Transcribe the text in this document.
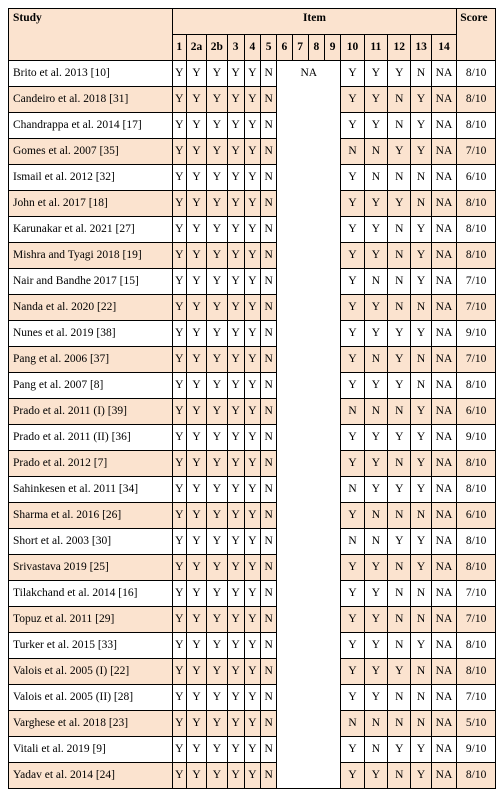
Study	Item															Score
	1	2a	2b	3	4	5	6	7	8	9	10	11	12	13	14	
Brito et al. 2013 [10]	Y	Y	Y	Y	Y	N	NA				Y	Y	Y	N	NA	8/10
Candeiro et al. 2018 [31]	Y	Y	Y	Y	Y	N					Y	Y	N	Y	NA	8/10
Chandrappa et al. 2014 [17]	Y	Y	Y	Y	Y	N					Y	Y	N	Y	NA	8/10
Gomes et al. 2007 [35]	Y	Y	Y	Y	Y	N					N	N	Y	Y	NA	7/10
Ismail et al. 2012 [32]	Y	Y	Y	Y	Y	N					Y	N	N	N	NA	6/10
John et al. 2017 [18]	Y	Y	Y	Y	Y	N					Y	Y	Y	N	NA	8/10
Karunakar et al. 2021 [27]	Y	Y	Y	Y	Y	N					Y	Y	N	Y	NA	8/10
Mishra and Tyagi 2018 [19]	Y	Y	Y	Y	Y	N					Y	Y	N	Y	NA	8/10
Nair and Bandhe 2017 [15]	Y	Y	Y	Y	Y	N					Y	N	N	Y	NA	7/10
Nanda et al. 2020 [22]	Y	Y	Y	Y	Y	N					Y	Y	N	N	NA	7/10
Nunes et al. 2019 [38]	Y	Y	Y	Y	Y	N					Y	Y	Y	Y	NA	9/10
Pang et al. 2006 [37]	Y	Y	Y	Y	Y	N					Y	N	Y	N	NA	7/10
Pang et al. 2007 [8]	Y	Y	Y	Y	Y	N					Y	Y	Y	N	NA	8/10
Prado et al. 2011 (I) [39]	Y	Y	Y	Y	Y	N					N	N	N	Y	NA	6/10
Prado et al. 2011 (II) [36]	Y	Y	Y	Y	Y	N					Y	Y	Y	Y	NA	9/10
Prado et al. 2012 [7]	Y	Y	Y	Y	Y	N					Y	Y	N	Y	NA	8/10
Sahinkesen et al. 2011 [34]	Y	Y	Y	Y	Y	N					N	Y	Y	Y	NA	8/10
Sharma et al. 2016 [26]	Y	Y	Y	Y	Y	N					Y	N	N	N	NA	6/10
Short et al. 2003 [30]	Y	Y	Y	Y	Y	N					N	N	Y	Y	NA	8/10
Srivastava 2019 [25]	Y	Y	Y	Y	Y	N					Y	Y	N	Y	NA	8/10
Tilakchand et al. 2014 [16]	Y	Y	Y	Y	Y	N					Y	Y	N	N	NA	7/10
Topuz et al. 2011 [29]	Y	Y	Y	Y	Y	N					Y	Y	N	N	NA	7/10
Turker et al. 2015 [33]	Y	Y	Y	Y	Y	N					Y	Y	N	Y	NA	8/10
Valois et al. 2005 (I) [22]	Y	Y	Y	Y	Y	N					Y	Y	Y	N	NA	8/10
Valois et al. 2005 (II) [28]	Y	Y	Y	Y	Y	N					Y	Y	N	N	NA	7/10
Varghese et al. 2018 [23]	Y	Y	Y	Y	Y	N					N	N	N	N	NA	5/10
Vitali et al. 2019 [9]	Y	Y	Y	Y	Y	N					Y	N	Y	Y	NA	9/10
Yadav et al. 2014 [24]	Y	Y	Y	Y	Y	N					Y	Y	N	Y	NA	8/10
